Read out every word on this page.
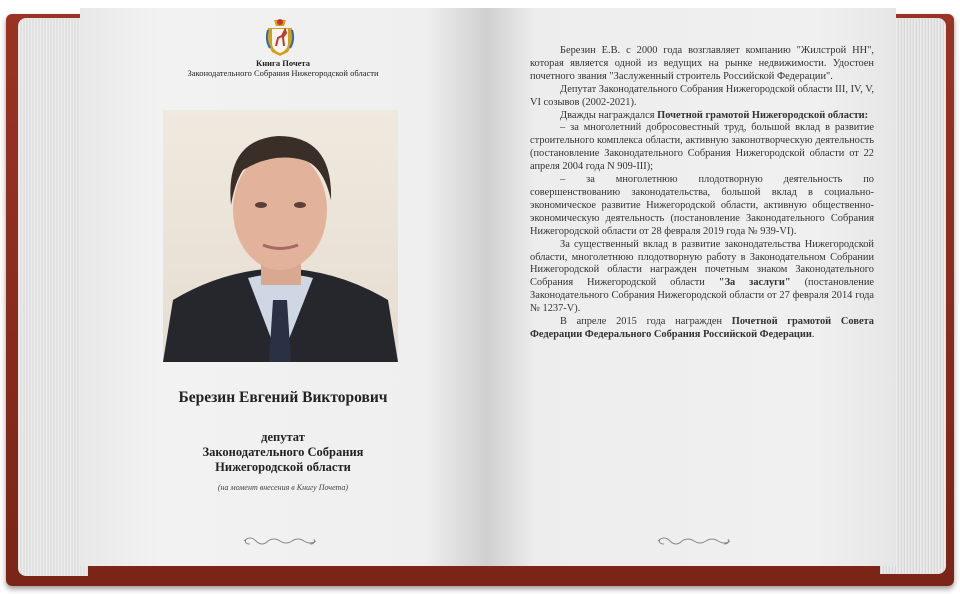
Книга Почета
Законодательного Собрания Нижегородской области
Березин Евгений Викторович
депутат
Законодательного Собрания
Нижегородской области
(на момент внесения в Книгу Почета)

Березин Е.В. с 2000 года возглавляет компанию "Жилстрой НН", которая является одной из ведущих на рынке недвижимости. Удостоен почетного звания "Заслуженный строитель Российской Федерации".

Депутат Законодательного Собрания Нижегородской области III, IV, V, VI созывов (2002-2021).

Дважды награждался Почетной грамотой Нижегородской области:

– за многолетний добросовестный труд, большой вклад в развитие строительного комплекса области, активную законотворческую деятельность (постановление Законодательного Собрания Нижегородской области от 22 апреля 2004 года N 909-III);

– за многолетнюю плодотворную деятельность по совершенствованию законодательства, большой вклад в социально-экономическое развитие Нижегородской области, активную общественно-экономическую деятельность (постановление Законодательного Собрания Нижегородской области от 28 февраля 2019 года № 939-VI).

За существенный вклад в развитие законодательства Нижегородской области, многолетнюю плодотворную работу в Законодательном Собрании Нижегородской области награжден почетным знаком Законодательного Собрания Нижегородской области "За заслуги" (постановление Законодательного Собрания Нижегородской области от 27 февраля 2014 года № 1237-V).

В апреле 2015 года награжден Почетной грамотой Совета Федерации Федерального Собрания Российской Федерации.
